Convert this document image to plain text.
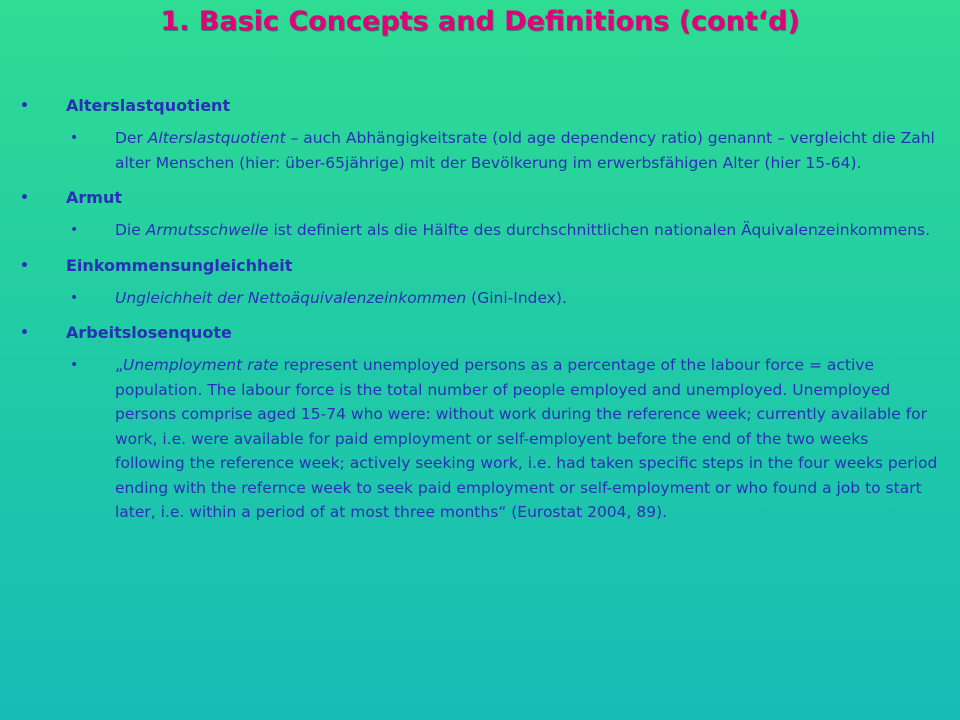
1. Basic Concepts and Definitions (cont‘d)
• Alterslastquotient
• Der Alterslastquotient – auch Abhängigkeitsrate (old age dependency ratio) genannt – vergleicht die Zahl alter Menschen (hier: über-65jährige) mit der Bevölkerung im erwerbsfähigen Alter (hier 15-64).
• Armut
• Die Armutsschwelle ist definiert als die Hälfte des durchschnittlichen nationalen Äquivalenzeinkommens.
• Einkommensungleichheit
• Ungleichheit der Nettoäquivalenzeinkommen (Gini-Index).
• Arbeitslosenquote
• „Unemployment rate represent unemployed persons as a percentage of the labour force = active population. The labour force is the total number of people employed and unemployed. Unemployed persons comprise aged 15-74 who were: without work during the reference week; currently available for work, i.e. were available for paid employment or self-employent before the end of the two weeks following the reference week; actively seeking work, i.e. had taken specific steps in the four weeks period ending with the refernce week to seek paid employment or self-employment or who found a job to start later, i.e. within a period of at most three months“ (Eurostat 2004, 89).
